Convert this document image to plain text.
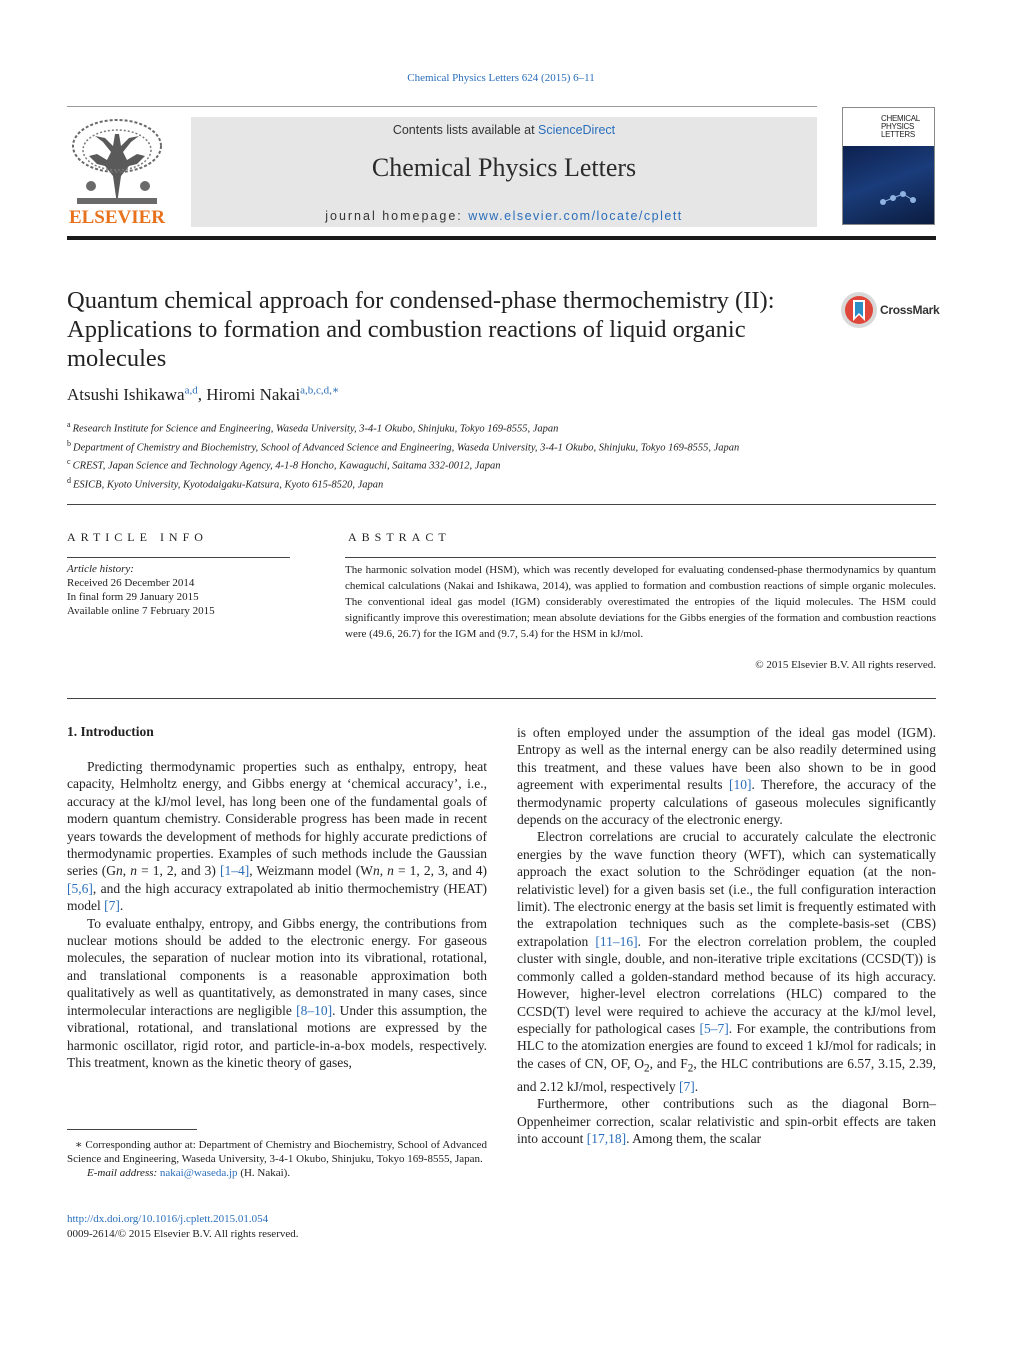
Chemical Physics Letters 624 (2015) 6–11
ELSEVIER
Contents lists available at ScienceDirect
Chemical Physics Letters
journal homepage: www.elsevier.com/locate/cplett
CHEMICAL
PHYSICS
LETTERS
Quantum chemical approach for condensed-phase thermochemistry (II): Applications to formation and combustion reactions of liquid organic molecules
CrossMark
Atsushi Ishikawa$^{a,d}$, Hiromi Nakai$^{a,b,c,d,∗}$
$^a$ Research Institute for Science and Engineering, Waseda University, 3-4-1 Okubo, Shinjuku, Tokyo 169-8555, Japan
$^b$ Department of Chemistry and Biochemistry, School of Advanced Science and Engineering, Waseda University, 3-4-1 Okubo, Shinjuku, Tokyo 169-8555, Japan
$^c$ CREST, Japan Science and Technology Agency, 4-1-8 Honcho, Kawaguchi, Saitama 332-0012, Japan
$^d$ ESICB, Kyoto University, Kyotodaigaku-Katsura, Kyoto 615-8520, Japan
ARTICLE INFO
Article history:
Received 26 December 2014
In final form 29 January 2015
Available online 7 February 2015
ABSTRACT
The harmonic solvation model (HSM), which was recently developed for evaluating condensed-phase thermodynamics by quantum chemical calculations (Nakai and Ishikawa, 2014), was applied to formation and combustion reactions of simple organic molecules. The conventional ideal gas model (IGM) considerably overestimated the entropies of the liquid molecules. The HSM could significantly improve this overestimation; mean absolute deviations for the Gibbs energies of the formation and combustion reactions were (49.6, 26.7) for the IGM and (9.7, 5.4) for the HSM in kJ/mol.
© 2015 Elsevier B.V. All rights reserved.
1. Introduction

Predicting thermodynamic properties such as enthalpy, entropy, heat capacity, Helmholtz energy, and Gibbs energy at ‘chemical accuracy’, i.e., accuracy at the kJ/mol level, has long been one of the fundamental goals of modern quantum chemistry. Considerable progress has been made in recent years towards the development of methods for highly accurate predictions of thermodynamic properties. Examples of such methods include the Gaussian series (Gn, n = 1, 2, and 3) [1–4], Weizmann model (Wn, n = 1, 2, 3, and 4) [5,6], and the high accuracy extrapolated ab initio thermochemistry (HEAT) model [7].

To evaluate enthalpy, entropy, and Gibbs energy, the contributions from nuclear motions should be added to the electronic energy. For gaseous molecules, the separation of nuclear motion into its vibrational, rotational, and translational components is a reasonable approximation both qualitatively as well as quantitatively, as demonstrated in many cases, since intermolecular interactions are negligible [8–10]. Under this assumption, the vibrational, rotational, and translational motions are expressed by the harmonic oscillator, rigid rotor, and particle-in-a-box models, respectively. This treatment, known as the kinetic theory of gases,

is often employed under the assumption of the ideal gas model (IGM). Entropy as well as the internal energy can be also readily determined using this treatment, and these values have been also shown to be in good agreement with experimental results [10]. Therefore, the accuracy of the thermodynamic property calculations of gaseous molecules significantly depends on the accuracy of the electronic energy.

Electron correlations are crucial to accurately calculate the electronic energies by the wave function theory (WFT), which can systematically approach the exact solution to the Schrödinger equation (at the non-relativistic level) for a given basis set (i.e., the full configuration interaction limit). The electronic energy at the basis set limit is frequently estimated with the extrapolation techniques such as the complete-basis-set (CBS) extrapolation [11–16]. For the electron correlation problem, the coupled cluster with single, double, and non-iterative triple excitations (CCSD(T)) is commonly called a golden-standard method because of its high accuracy. However, higher-level electron correlations (HLC) compared to the CCSD(T) level were required to achieve the accuracy at the kJ/mol level, especially for pathological cases [5–7]. For example, the contributions from HLC to the atomization energies are found to exceed 1 kJ/mol for radicals; in the cases of CN, OF, $O_2$, and $F_2$, the HLC contributions are 6.57, 3.15, 2.39, and 2.12 kJ/mol, respectively [7].

Furthermore, other contributions such as the diagonal Born–Oppenheimer correction, scalar relativistic and spin-orbit effects are taken into account [17,18]. Among them, the scalar

∗ Corresponding author at: Department of Chemistry and Biochemistry, School of Advanced Science and Engineering, Waseda University, 3-4-1 Okubo, Shinjuku, Tokyo 169-8555, Japan.
E-mail address: nakai@waseda.jp (H. Nakai).
http://dx.doi.org/10.1016/j.cplett.2015.01.054
0009-2614/© 2015 Elsevier B.V. All rights reserved.
